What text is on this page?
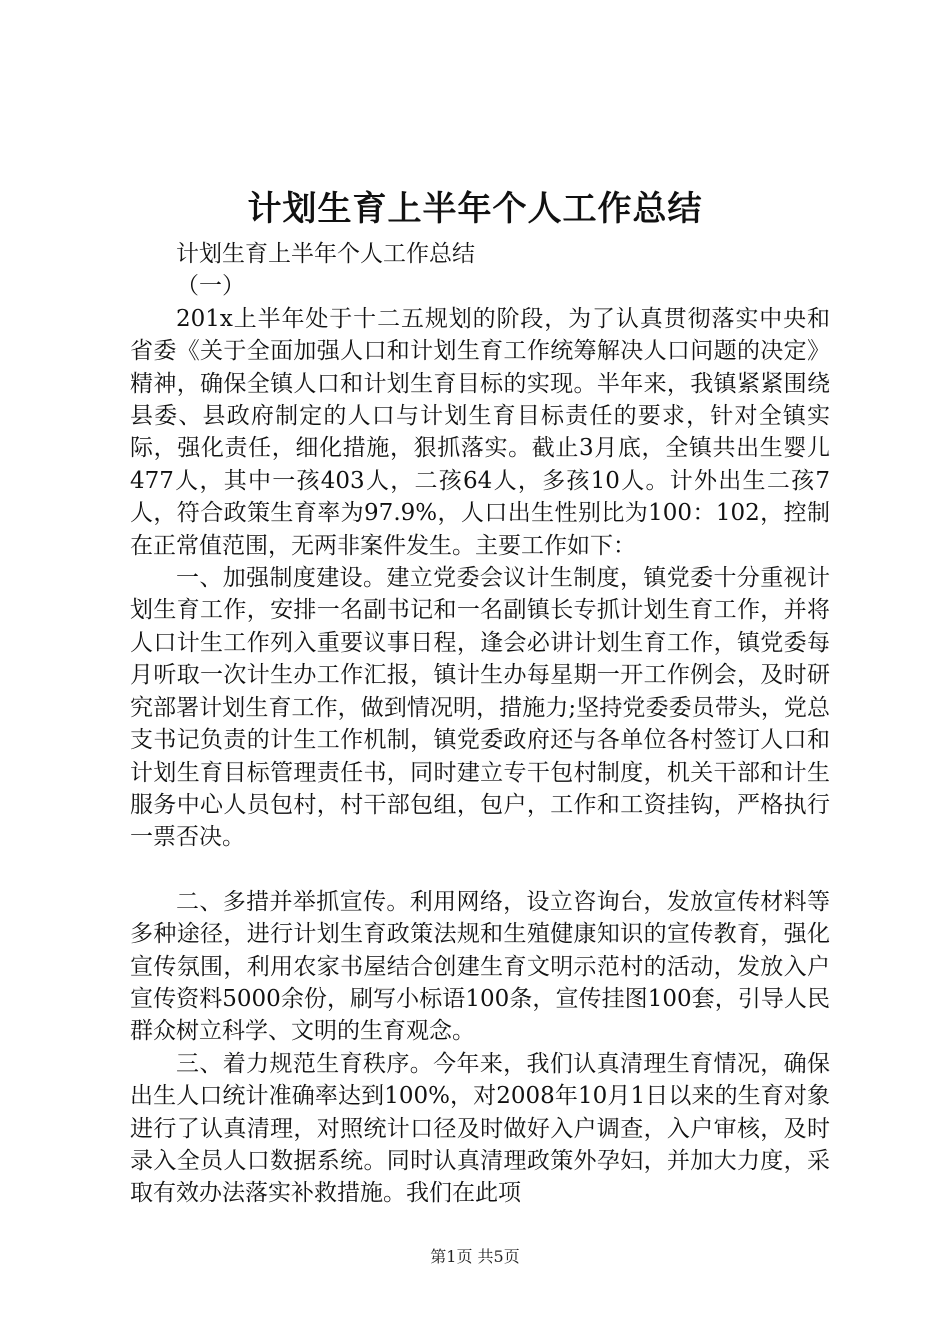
计划生育上半年个人工作总结

计划生育上半年个人工作总结

（一）

201x上半年处于十二五规划的阶段，为了认真贯彻落实中央和省委《关于全面加强人口和计划生育工作统筹解决人口问题的决定》精神，确保全镇人口和计划生育目标的实现。半年来，我镇紧紧围绕县委、县政府制定的人口与计划生育目标责任的要求，针对全镇实际，强化责任，细化措施，狠抓落实。截止3月底，全镇共出生婴儿477人，其中一孩403人，二孩64人，多孩10人。计外出生二孩7人，符合政策生育率为97.9%，人口出生性别比为100：102，控制在正常值范围，无两非案件发生。主要工作如下：

一、加强制度建设。建立党委会议计生制度，镇党委十分重视计划生育工作，安排一名副书记和一名副镇长专抓计划生育工作，并将人口计生工作列入重要议事日程，逢会必讲计划生育工作，镇党委每月听取一次计生办工作汇报，镇计生办每星期一开工作例会，及时研究部署计划生育工作，做到情况明，措施力;坚持党委委员带头，党总支书记负责的计生工作机制，镇党委政府还与各单位各村签订人口和计划生育目标管理责任书，同时建立专干包村制度，机关干部和计生服务中心人员包村，村干部包组，包户，工作和工资挂钩，严格执行一票否决。

二、多措并举抓宣传。利用网络，设立咨询台，发放宣传材料等多种途径，进行计划生育政策法规和生殖健康知识的宣传教育，强化宣传氛围，利用农家书屋结合创建生育文明示范村的活动，发放入户宣传资料5000余份，刷写小标语100条，宣传挂图100套，引导人民群众树立科学、文明的生育观念。

三、着力规范生育秩序。今年来，我们认真清理生育情况，确保出生人口统计准确率达到100%，对2008年10月1日以来的生育对象进行了认真清理，对照统计口径及时做好入户调查，入户审核，及时录入全员人口数据系统。同时认真清理政策外孕妇，并加大力度，采取有效办法落实补救措施。我们在此项

第1页 共5页
